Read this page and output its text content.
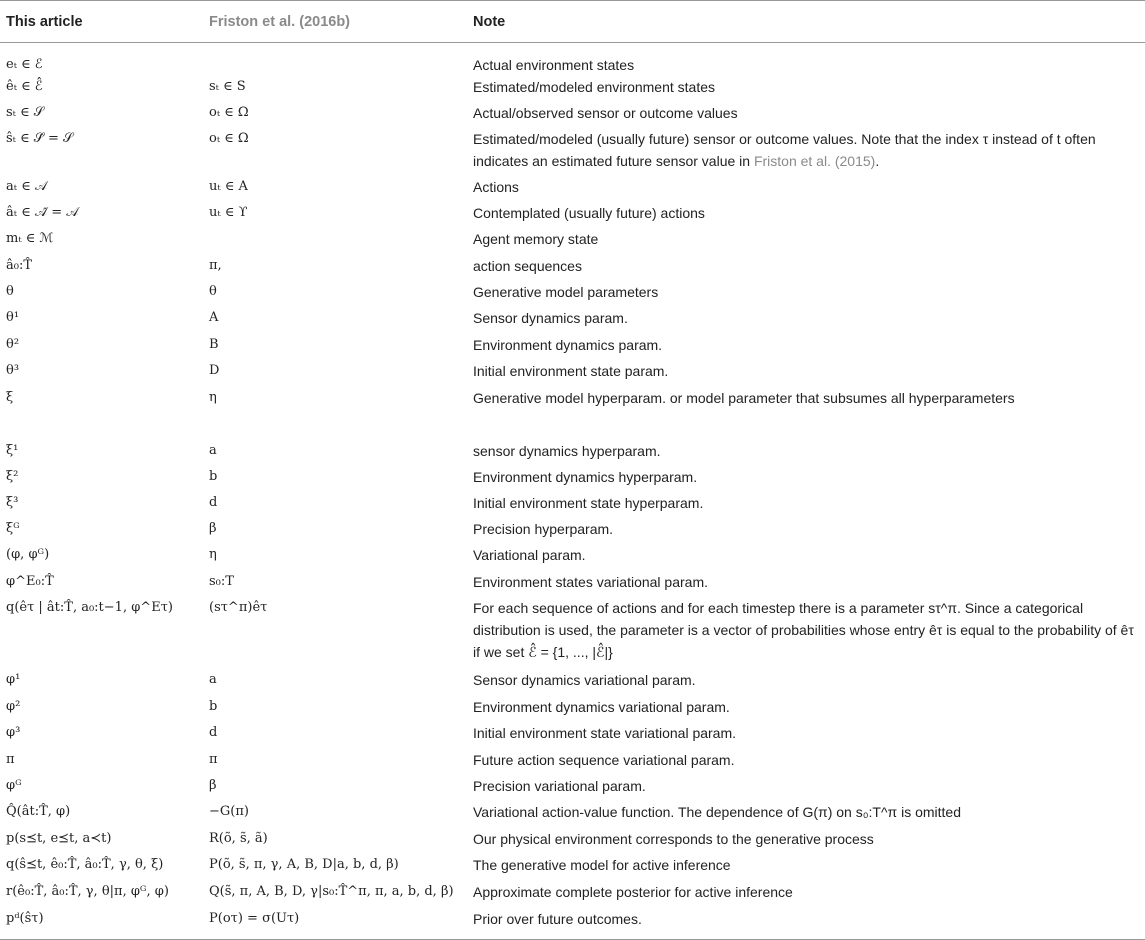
This article	Friston et al. (2016b)	Note
eₜ ∈ ℰ		Actual environment states
êₜ ∈ ℰ̂	sₜ ∈ S	Estimated/modeled environment states
sₜ ∈ 𝒮	oₜ ∈ Ω	Actual/observed sensor or outcome values
ŝₜ ∈ 𝒮̂ = 𝒮	oₜ ∈ Ω	Estimated/modeled (usually future) sensor or outcome values. Note that the index τ instead of t often indicates an estimated future sensor value in Friston et al. (2015).
aₜ ∈ 𝒜	uₜ ∈ A	Actions
âₜ ∈ 𝒜̂ = 𝒜	uₜ ∈ ϒ	Contemplated (usually future) actions
mₜ ∈ ℳ		Agent memory state
â₀:T̂	π,	action sequences
θ	θ	Generative model parameters
θ¹	A	Sensor dynamics param.
θ²	B	Environment dynamics param.
θ³	D	Initial environment state param.
ξ	η	Generative model hyperparam. or model parameter that subsumes all hyperparameters
ξ¹	a	sensor dynamics hyperparam.
ξ²	b	Environment dynamics hyperparam.
ξ³	d	Initial environment state hyperparam.
ξᴳ	β	Precision hyperparam.
(φ, φᴳ)	η	Variational param.
φ^E₀:T̂	s₀:T	Environment states variational param.
q(êτ | ât:T̂, a₀:t−1, φ^Eτ)	(sτ^π)êτ	For each sequence of actions and for each timestep there is a parameter sτ^π. Since a categorical distribution is used, the parameter is a vector of probabilities whose entry êτ is equal to the probability of êτ if we set ℰ̂ = {1, ..., |ℰ̂|}
φ¹	a	Sensor dynamics variational param.
φ²	b	Environment dynamics variational param.
φ³	d	Initial environment state variational param.
π	π	Future action sequence variational param.
φᴳ	β	Precision variational param.
Q̂(ât:T̂, φ)	−G(π)	Variational action-value function. The dependence of G(π) on s₀:T^π is omitted
p(s⪯t, e⪯t, a≺t)	R(õ, s̃, ã)	Our physical environment corresponds to the generative process
q(ŝ⪯t, ê₀:T̂, â₀:T̂, γ, θ, ξ)	P(õ, s̃, π, γ, A, B, D|a, b, d, β)	The generative model for active inference
r(ê₀:T̂, â₀:T̂, γ, θ|π, φᴳ, φ)	Q(s̃, π, A, B, D, γ|s₀:T̂^π, π, a, b, d, β)	Approximate complete posterior for active inference
pᵈ(ŝτ)	P(oτ) = σ(Uτ)	Prior over future outcomes.
